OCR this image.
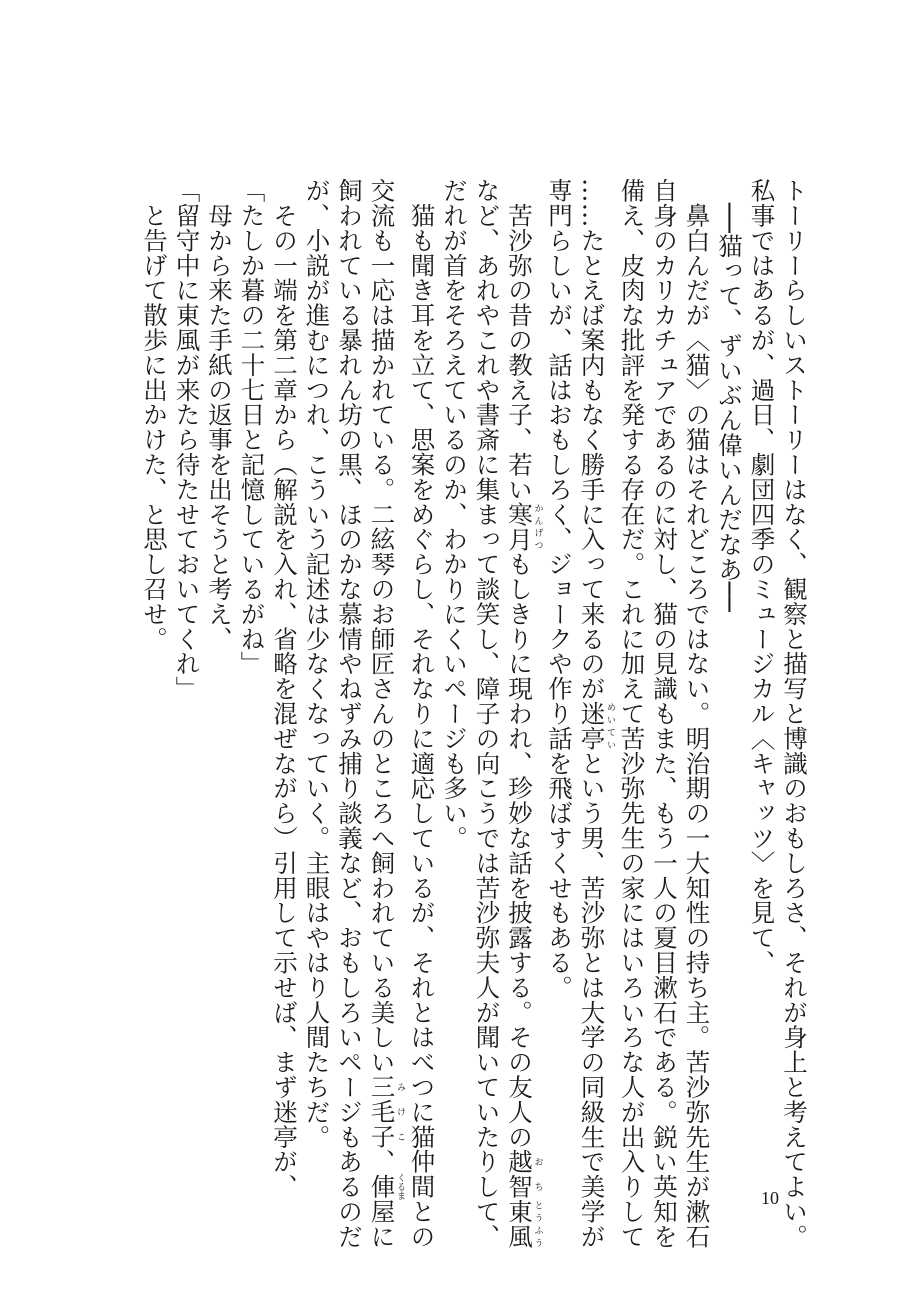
トーリーらしいストーリーはなく、観察と描写と博識のおもしろさ、それが身上と考えてよい。

私事ではあるが、過日、劇団四季のミュージカル〈キャッツ〉を見て、

　──猫って、ずいぶん偉いんだなあ──

　鼻白んだが〈猫〉の猫はそれどころではない。明治期の一大知性の持ち主。苦沙弥先生が漱石

自身のカリカチュアであるのに対し、猫の見識もまた、もう一人の夏目漱石である。鋭い英知を

備え、皮肉な批評を発する存在だ。これに加えて苦沙弥先生の家にはいろいろな人が出入りして

……たとえば案内もなく勝手に入って来るのが迷亭めいていという男、苦沙弥とは大学の同級生で美学が

専門らしいが、話はおもしろく、ジョークや作り話を飛ばすくせもある。

　苦沙弥の昔の教え子、若い寒月かんげつもしきりに現われ、珍妙な話を披露する。その友人の越智おち東風とうふう

など、あれやこれや書斎に集まって談笑し、障子の向こうでは苦沙弥夫人が聞いていたりして、

だれが首をそろえているのか、わかりにくいページも多い。

　猫も聞き耳を立て、思案をめぐらし、それなりに適応しているが、それとはべつに猫仲間との

交流も一応は描かれている。二絃琴のお師匠さんのところへ飼われている美しい三毛子みけこ、俥くるま屋に

飼われている暴れん坊の黒、ほのかな慕情やねずみ捕り談義など、おもしろいページもあるのだ

が、小説が進むにつれ、こういう記述は少なくなっていく。主眼はやはり人間たちだ。

　その一端を第二章から（解説を入れ、省略を混ぜながら）引用して示せば、まず迷亭が、

「たしか暮の二十七日と記憶しているがね」

　母から来た手紙の返事を出そうと考え、

「留守中に東風が来たら待たせておいてくれ」

　と告げて散歩に出かけた、と思し召せ。

10
